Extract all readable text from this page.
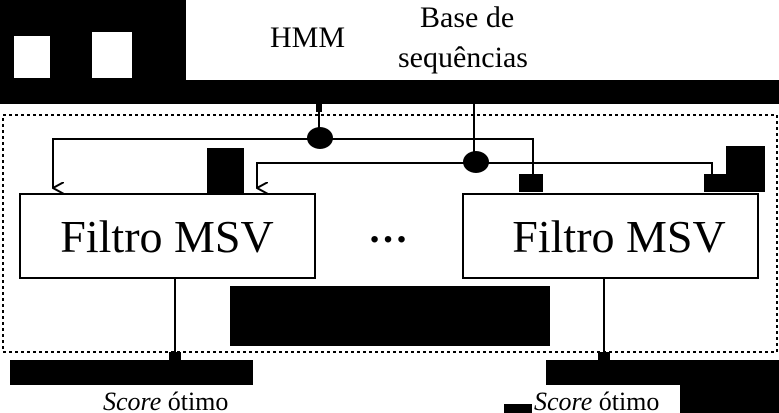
HMM
Base de
sequências
Filtro MSV	Filtro MSV
…
Score ótimo	Score ótimo
